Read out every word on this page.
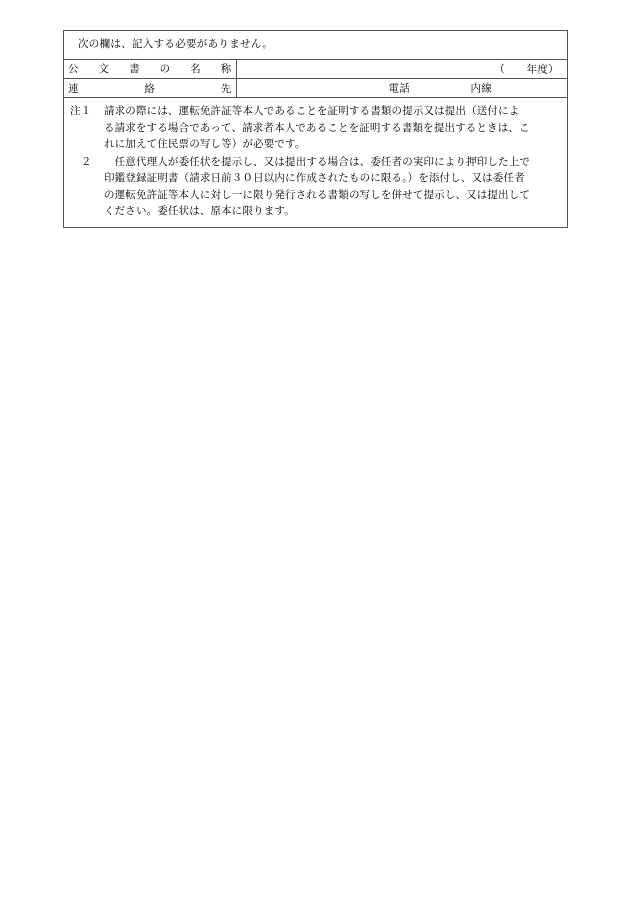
次の欄は、記入する必要がありません。
公文書の名称	（　　年度）

連絡先	電話 内線
注１	請求の際には、運転免許証等本人であることを証明する書類の提示又は提出（送付によ

る請求をする場合であって、請求者本人であることを証明する書類を提出するときは、こ

れに加えて住民票の写し等）が必要です。

２	　任意代理人が委任状を提示し、又は提出する場合は、委任者の実印により押印した上で

印鑑登録証明書（請求日前３０日以内に作成されたものに限る。）を添付し、又は委任者

の運転免許証等本人に対し一に限り発行される書類の写しを併せて提示し、又は提出して

ください。委任状は、原本に限ります。
